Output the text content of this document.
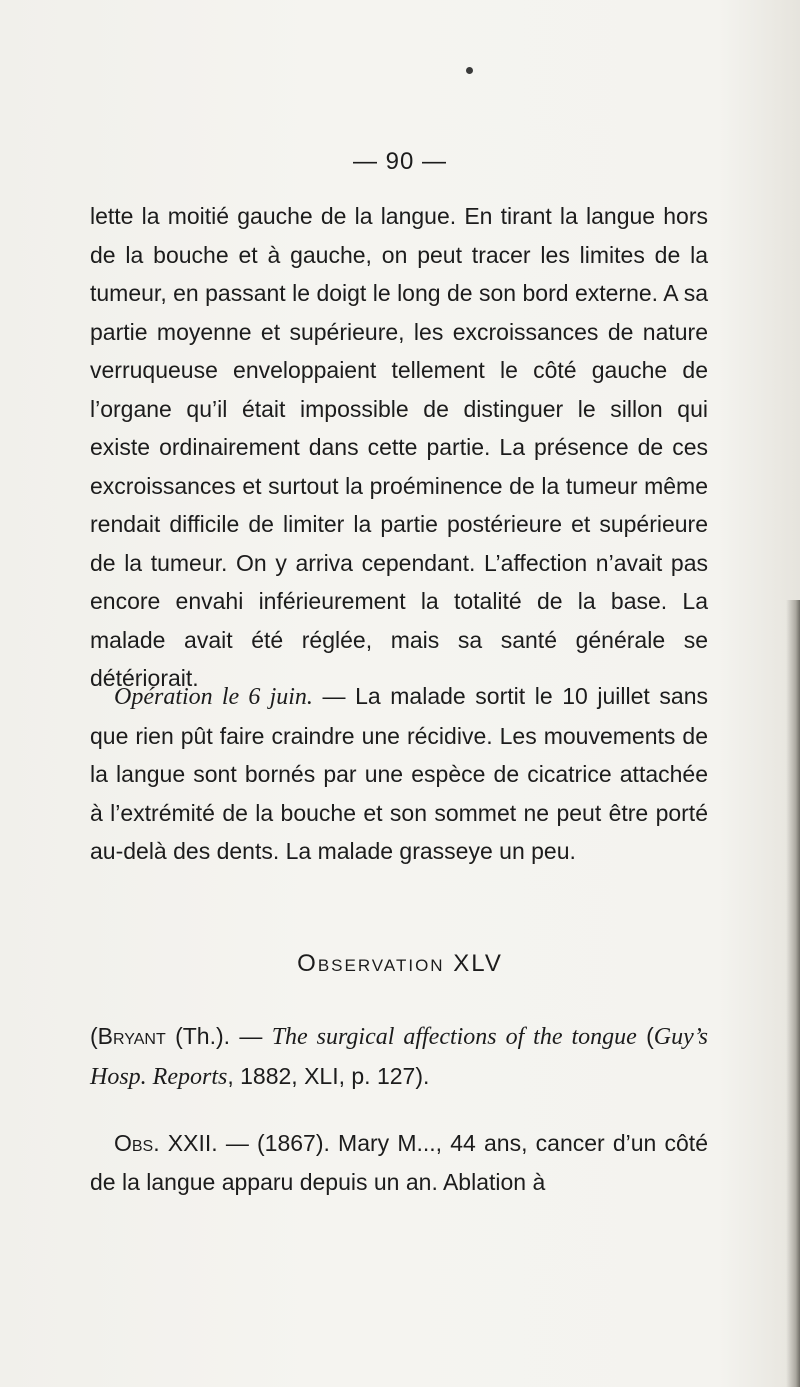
— 90 —

lette la moitié gauche de la langue. En tirant la langue hors de la bouche et à gauche, on peut tracer les limites de la tumeur, en passant le doigt le long de son bord externe. A sa partie moyenne et supérieure, les excroissances de nature verruqueuse enveloppaient tellement le côté gauche de l’organe qu’il était impossible de distinguer le sillon qui existe ordinairement dans cette partie. La présence de ces excroissances et surtout la proéminence de la tumeur même rendait difficile de limiter la partie postérieure et supérieure de la tumeur. On y arriva cependant. L’affection n’avait pas encore envahi inférieurement la totalité de la base. La malade avait été réglée, mais sa santé générale se détériorait.

Opération le 6 juin. — La malade sortit le 10 juillet sans que rien pût faire craindre une récidive. Les mouvements de la langue sont bornés par une espèce de cicatrice attachée à l’extrémité de la bouche et son sommet ne peut être porté au-delà des dents. La malade grasseye un peu.

Observation XLV

(Bryant (Th.). — The surgical affections of the tongue (Guy’s Hosp. Reports, 1882, XLI, p. 127).

Obs. XXII. — (1867). Mary M..., 44 ans, cancer d’un côté de la langue apparu depuis un an. Ablation à
